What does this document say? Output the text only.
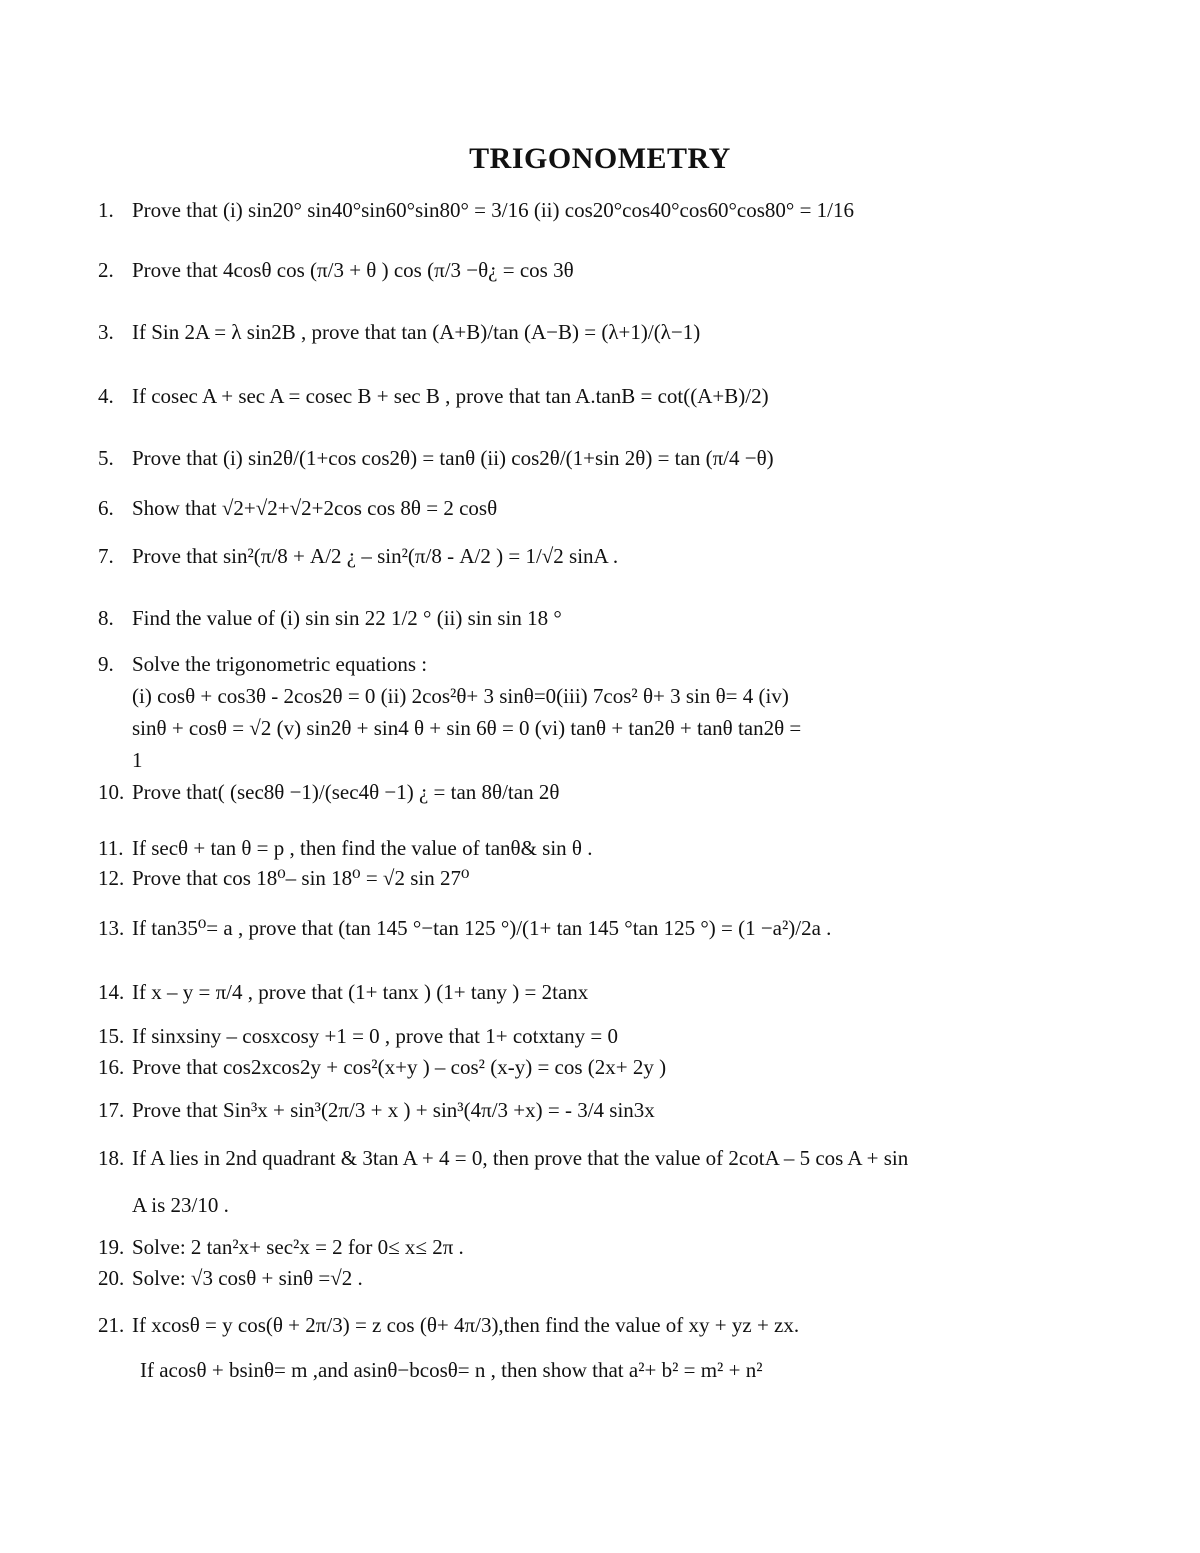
TRIGONOMETRY
1. Prove that (i) sin20° sin40°sin60°sin80° = 3/16 (ii) cos20°cos40°cos60°cos80° = 1/16
2. Prove that 4cosθ cos (π/3 + θ ) cos (π/3 −θ¿ = cos 3θ
3. If Sin 2A = λ sin2B , prove that tan (A+B)/tan (A−B) = (λ+1)/(λ−1)
4. If cosec A + sec A = cosec B + sec B , prove that tan A.tanB = cot((A+B)/2)
5. Prove that (i) sin2θ/(1+cos cos2θ) = tanθ (ii) cos2θ/(1+sin 2θ) = tan (π/4 −θ)
6. Show that √2+√2+√2+2cos cos 8θ = 2 cosθ
7. Prove that sin²(π/8 + A/2 ¿ – sin²(π/8 - A/2 ) = 1/√2 sinA .
8. Find the value of (i) sin sin 22 1/2 ° (ii) sin sin 18 °
9. Solve the trigonometric equations :
10. Prove that( (sec8θ −1)/(sec4θ −1) ¿ = tan 8θ/tan 2θ
11. If secθ + tan θ = p , then find the value of tanθ& sin θ .
12. Prove that cos 18⁰– sin 18⁰ = √2 sin 27⁰
13. If tan35⁰= a , prove that (tan 145 °−tan 125 °)/(1+ tan 145 °tan 125 °) = (1 −a²)/2a .
14. If x – y = π/4 , prove that (1+ tanx ) (1+ tany ) = 2tanx
15. If sinxsiny – cosxcosy +1 = 0 , prove that 1+ cotxtany = 0
16. Prove that cos2xcos2y + cos²(x+y ) – cos² (x-y) = cos (2x+ 2y )
17. Prove that Sin³x + sin³(2π/3 + x ) + sin³(4π/3 +x) = - 3/4 sin3x
18. If A lies in 2nd quadrant & 3tan A + 4 = 0, then prove that the value of 2cotA – 5 cos A + sin
19. Solve: 2 tan²x+ sec²x = 2 for 0≤ x≤ 2π .
20. Solve: √3 cosθ + sinθ =√2 .
21. If xcosθ = y cos(θ + 2π/3) = z cos (θ+ 4π/3),then find the value of xy + yz + zx.
(i) cosθ + cos3θ - 2cos2θ = 0 (ii) 2cos²θ+ 3 sinθ=0(iii) 7cos² θ+ 3 sin θ= 4 (iv)
sinθ + cosθ = √2 (v) sin2θ + sin4 θ + sin 6θ = 0 (vi) tanθ + tan2θ + tanθ tan2θ =
1
A is 23/10 .
If acosθ + bsinθ= m ,and asinθ−bcosθ= n , then show that a²+ b² = m² + n²
